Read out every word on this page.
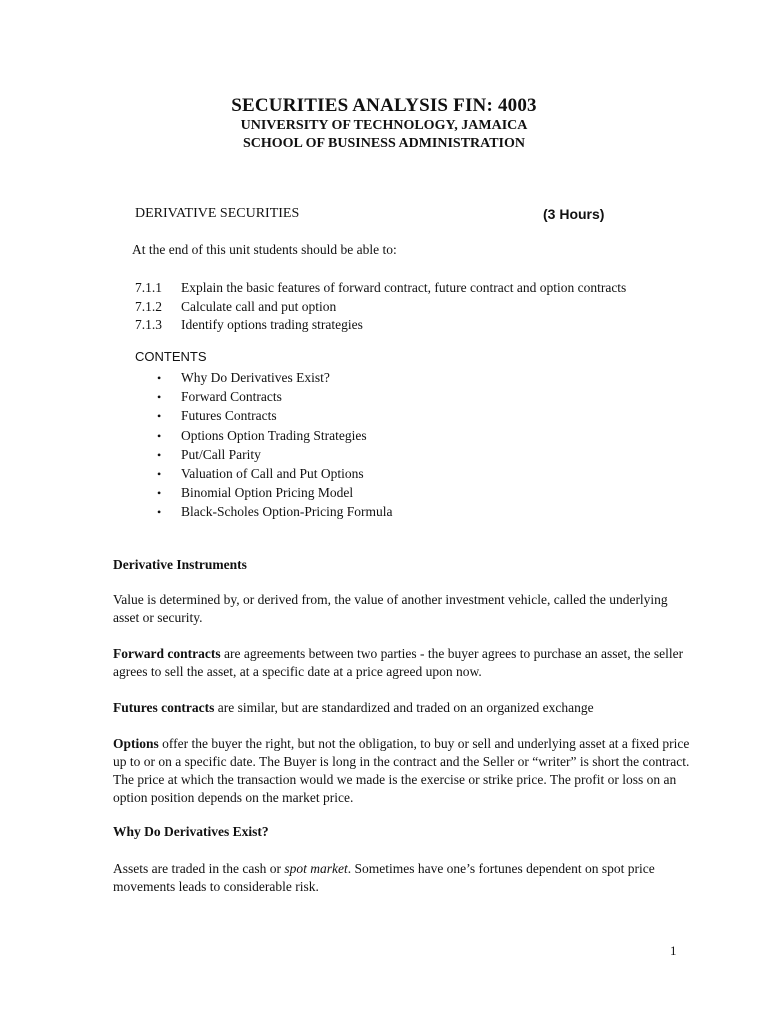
SECURITIES ANALYSIS FIN: 4003
UNIVERSITY OF TECHNOLOGY, JAMAICA
SCHOOL OF BUSINESS ADMINISTRATION
DERIVATIVE SECURITIES	(3 Hours)
At the end of this unit students should be able to:
7.1.1 Explain the basic features of forward contract, future contract and option contracts
7.1.2 Calculate call and put option
7.1.3 Identify options trading strategies
CONTENTS
• Why Do Derivatives Exist?
• Forward Contracts
• Futures Contracts
• Options Option Trading Strategies
• Put/Call Parity
• Valuation of Call and Put Options
• Binomial Option Pricing Model
• Black-Scholes Option-Pricing Formula
Derivative Instruments
Value is determined by, or derived from, the value of another investment vehicle, called the underlying asset or security.
Forward contracts are agreements between two parties - the buyer agrees to purchase an asset, the seller agrees to sell the asset, at a specific date at a price agreed upon now.
Futures contracts are similar, but are standardized and traded on an organized exchange
Options offer the buyer the right, but not the obligation, to buy or sell and underlying asset at a fixed price up to or on a specific date. The Buyer is long in the contract and the Seller or “writer” is short the contract. The price at which the transaction would we made is the exercise or strike price. The profit or loss on an option position depends on the market price.
Why Do Derivatives Exist?
Assets are traded in the cash or spot market. Sometimes have one’s fortunes dependent on spot price movements leads to considerable risk.
1
